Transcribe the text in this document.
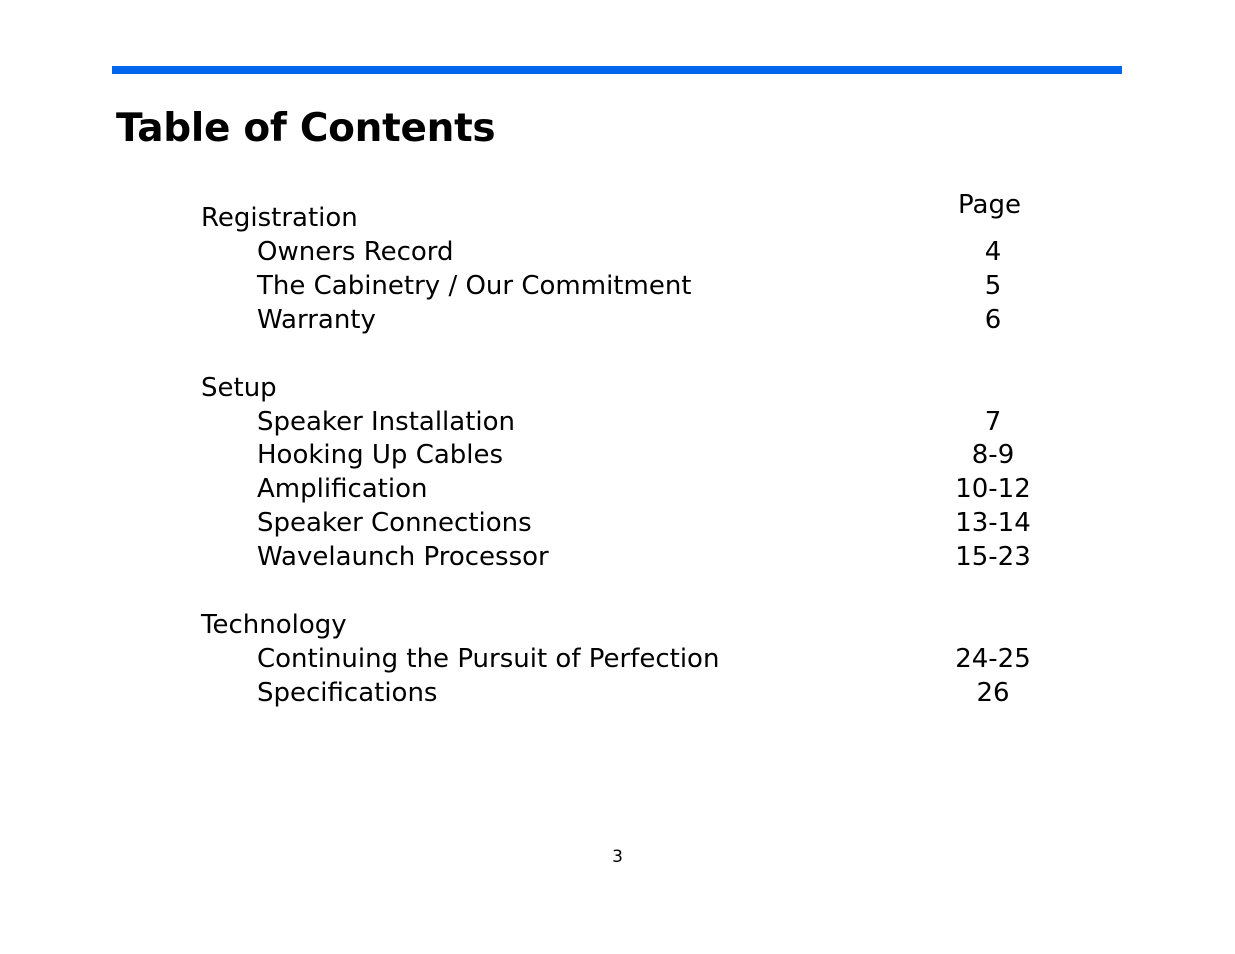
Table of Contents
Page
Registration
Owners Record	4
The Cabinetry / Our Commitment	5
Warranty	6
Setup
Speaker Installation	7
Hooking Up Cables	8-9
Amplification	10-12
Speaker Connections	13-14
Wavelaunch Processor	15-23
Technology
Continuing the Pursuit of Perfection	24-25
Specifications	26
3
